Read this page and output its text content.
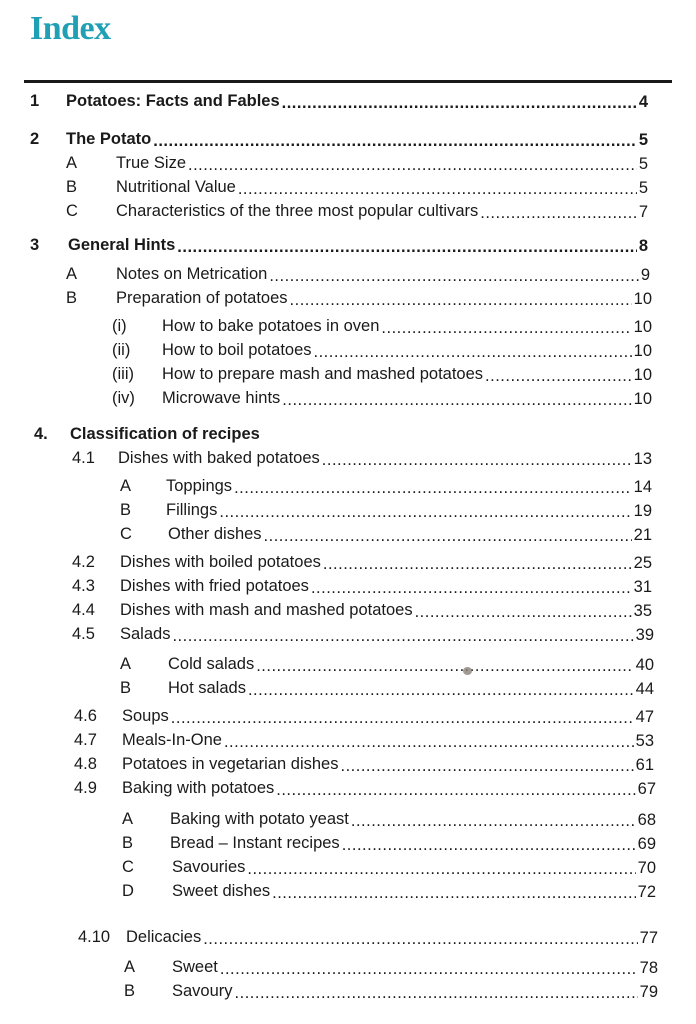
Index
1 Potatoes: Facts and Fables .....	4
2 The Potato .....	5
A True Size .....	5
B Nutritional Value .....	5
C Characteristics of the three most popular cultivars .....	7
3 General Hints .....	8
A Notes on Metrication .....	9
B Preparation of potatoes .....	10
(i) How to bake potatoes in oven .....	10
(ii) How to boil potatoes .....	10
(iii) How to prepare mash and mashed potatoes .....	10
(iv) Microwave hints .....	10
4. Classification of recipes
4.1 Dishes with baked potatoes .....	13
A Toppings .....	14
B Fillings .....	19
C Other dishes .....	21
4.2 Dishes with boiled potatoes .....	25
4.3 Dishes with fried potatoes .....	31
4.4 Dishes with mash and mashed potatoes .....	35
4.5 Salads .....	39
A Cold salads .....	40
B Hot salads .....	44
4.6 Soups .....	47
4.7 Meals-In-One .....	53
4.8 Potatoes in vegetarian dishes .....	61
4.9 Baking with potatoes .....	67
A Baking with potato yeast .....	68
B Bread – Instant recipes .....	69
C Savouries .....	70
D Sweet dishes .....	72
4.10 Delicacies .....	77
A Sweet .....	78
B Savoury .....	79
